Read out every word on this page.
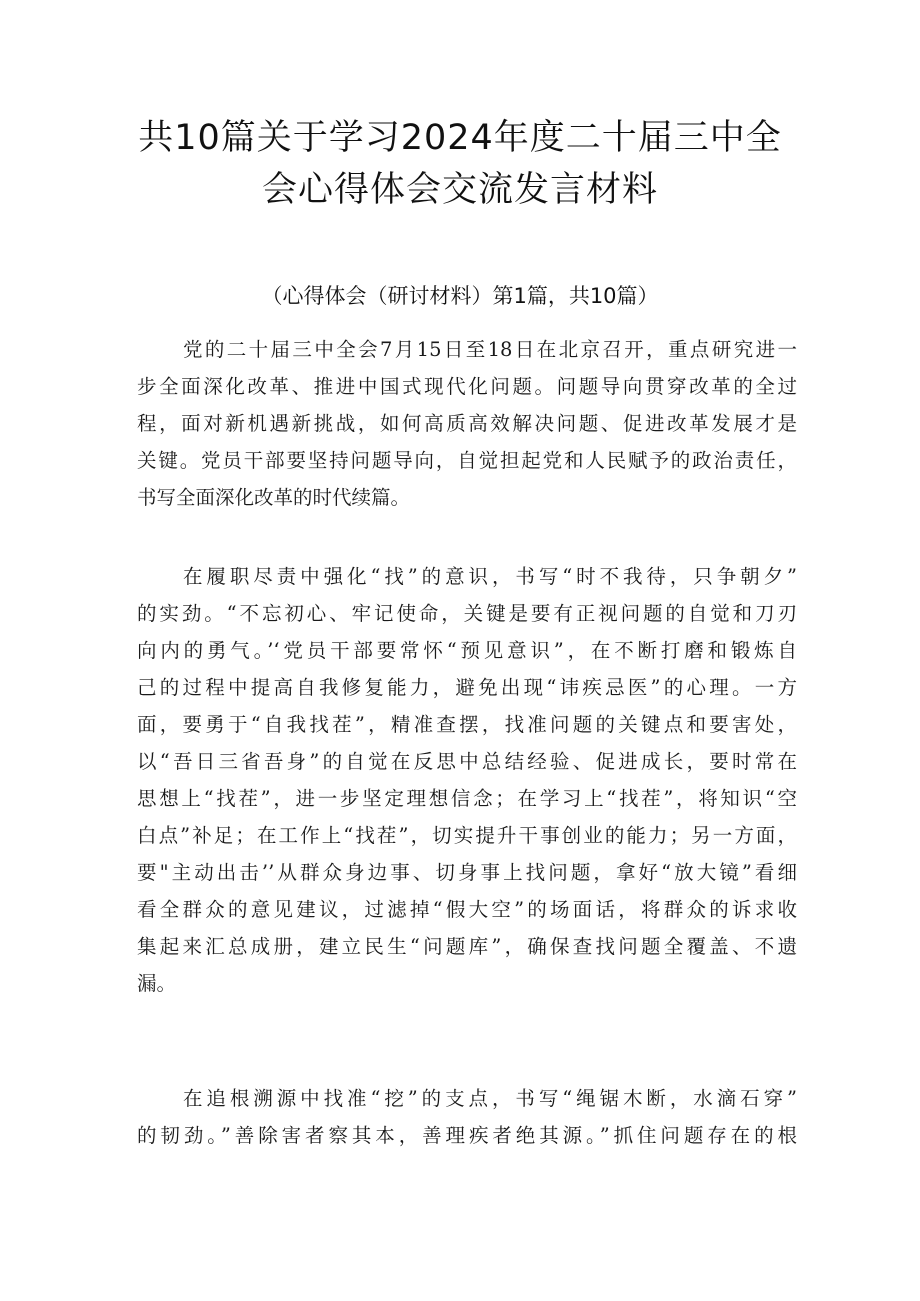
共10篇关于学习2024年度二十届三中全
会心得体会交流发言材料
（心得体会（研讨材料）第1篇，共10篇）
党的二十届三中全会7月15日至18日在北京召开，重点研究进一
步全面深化改革、推进中国式现代化问题。问题导向贯穿改革的全过
程，面对新机遇新挑战，如何高质高效解决问题、促进改革发展才是
关键。党员干部要坚持问题导向，自觉担起党和人民赋予的政治责任，
书写全面深化改革的时代续篇。
在履职尽责中强化“找”的意识，书写“时不我待，只争朝夕”
的实劲。“不忘初心、牢记使命，关键是要有正视问题的自觉和刀刃
向内的勇气。’‘党员干部要常怀“预见意识”，在不断打磨和锻炼自
己的过程中提高自我修复能力，避免出现“讳疾忌医”的心理。一方
面，要勇于“自我找茬”，精准查摆，找准问题的关键点和要害处，
以“吾日三省吾身”的自觉在反思中总结经验、促进成长，要时常在
思想上“找茬”，进一步坚定理想信念；在学习上“找茬”，将知识“空
白点”补足；在工作上“找茬”，切实提升干事创业的能力；另一方面，
要"主动出击’’从群众身边事、切身事上找问题，拿好“放大镜”看细
看全群众的意见建议，过滤掉“假大空”的场面话，将群众的诉求收
集起来汇总成册，建立民生“问题库”，确保查找问题全覆盖、不遗
漏。
在追根溯源中找准“挖”的支点，书写“绳锯木断，水滴石穿”
的韧劲。”善除害者察其本，善理疾者绝其源。”抓住问题存在的根
